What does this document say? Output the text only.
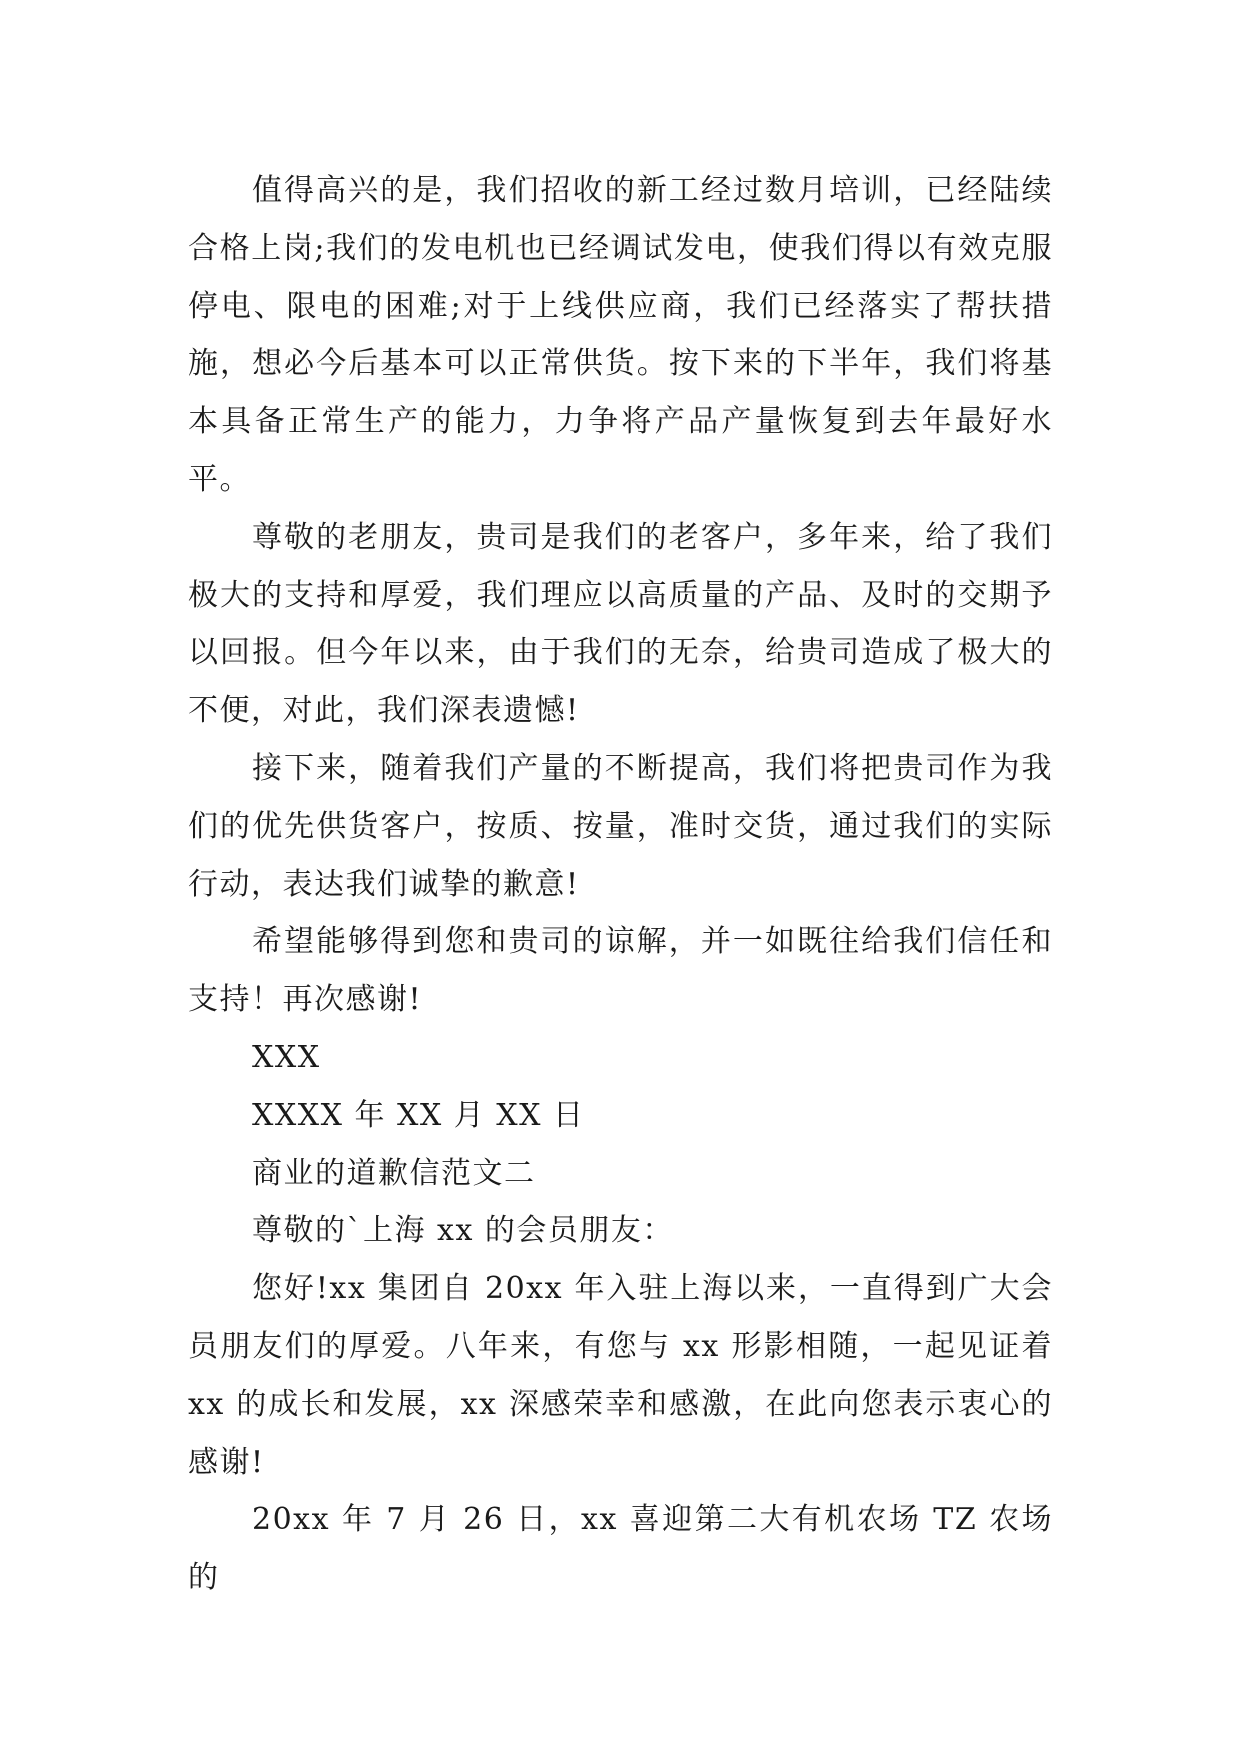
值得高兴的是，我们招收的新工经过数月培训，已经陆续合格上岗;我们的发电机也已经调试发电，使我们得以有效克服停电、限电的困难;对于上线供应商，我们已经落实了帮扶措施，想必今后基本可以正常供货。按下来的下半年，我们将基本具备正常生产的能力，力争将产品产量恢复到去年最好水平。

尊敬的老朋友，贵司是我们的老客户，多年来，给了我们极大的支持和厚爱，我们理应以高质量的产品、及时的交期予以回报。但今年以来，由于我们的无奈，给贵司造成了极大的不便，对此，我们深表遗憾!

接下来，随着我们产量的不断提高，我们将把贵司作为我们的优先供货客户，按质、按量，准时交货，通过我们的实际行动，表达我们诚挚的歉意!

希望能够得到您和贵司的谅解，并一如既往给我们信任和支持！再次感谢!

XXX

XXXX 年 XX 月 XX 日

商业的道歉信范文二

尊敬的`上海 xx 的会员朋友：

您好!xx 集团自 20xx 年入驻上海以来，一直得到广大会员朋友们的厚爱。八年来，有您与 xx 形影相随，一起见证着 xx 的成长和发展，xx 深感荣幸和感激，在此向您表示衷心的感谢!

20xx 年 7 月 26 日，xx 喜迎第二大有机农场 TZ 农场的
